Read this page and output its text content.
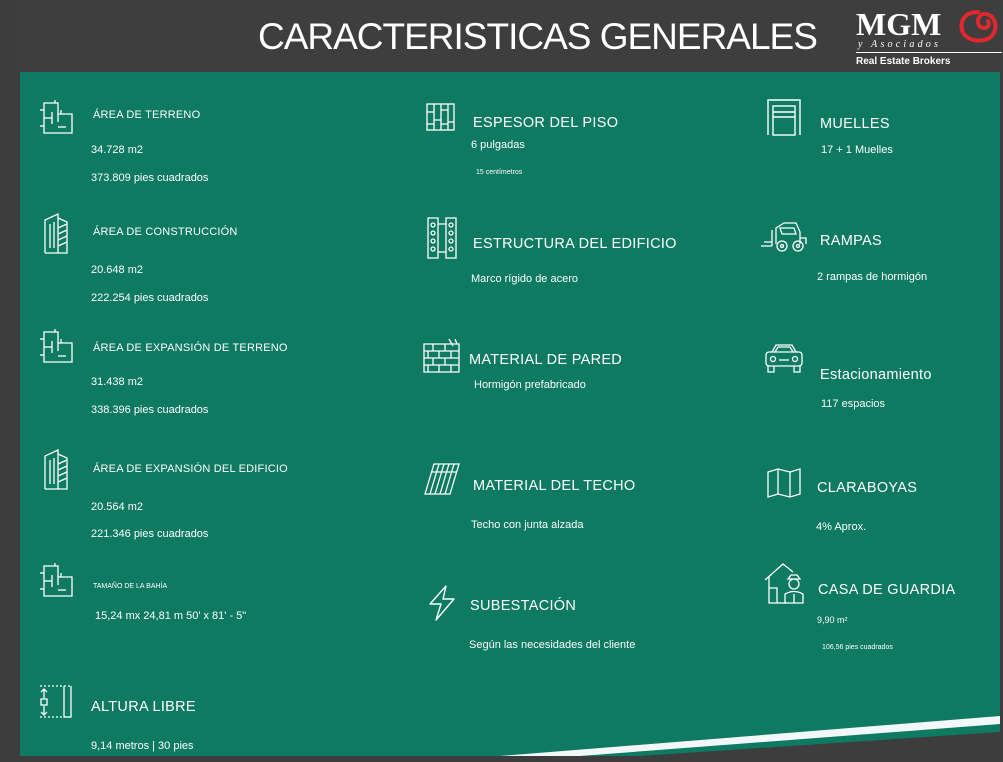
CARACTERISTICAS GENERALES MGM
y Asociados
Real Estate Brokers
ÁREA DE TERRENO
34.728 m2
373.809 pies cuadrados
ÁREA DE CONSTRUCCIÓN
20.648 m2
222.254 pies cuadrados
ÁREA DE EXPANSIÓN DE TERRENO
31.438 m2
338.396 pies cuadrados
ÁREA DE EXPANSIÓN DEL EDIFICIO
20.564 m2
221.346 pies cuadrados
TAMAÑO DE LA BAHÍA
15,24 mx 24,81 m 50' x 81' - 5"
ALTURA LIBRE
9,14 metros | 30 pies
ESPESOR DEL PISO
6 pulgadas
15 centímetros
ESTRUCTURA DEL EDIFICIO
Marco rígido de acero
MATERIAL DE PARED
Hormigón prefabricado
MATERIAL DEL TECHO
Techo con junta alzada
SUBESTACIÓN
Según las necesidades del cliente
MUELLES
17 + 1 Muelles
RAMPAS
2 rampas de hormigón
Estacionamiento
117 espacios
CLARABOYAS
4% Aprox.
CASA DE GUARDIA
9,90 m²
106,56 pies cuadrados
